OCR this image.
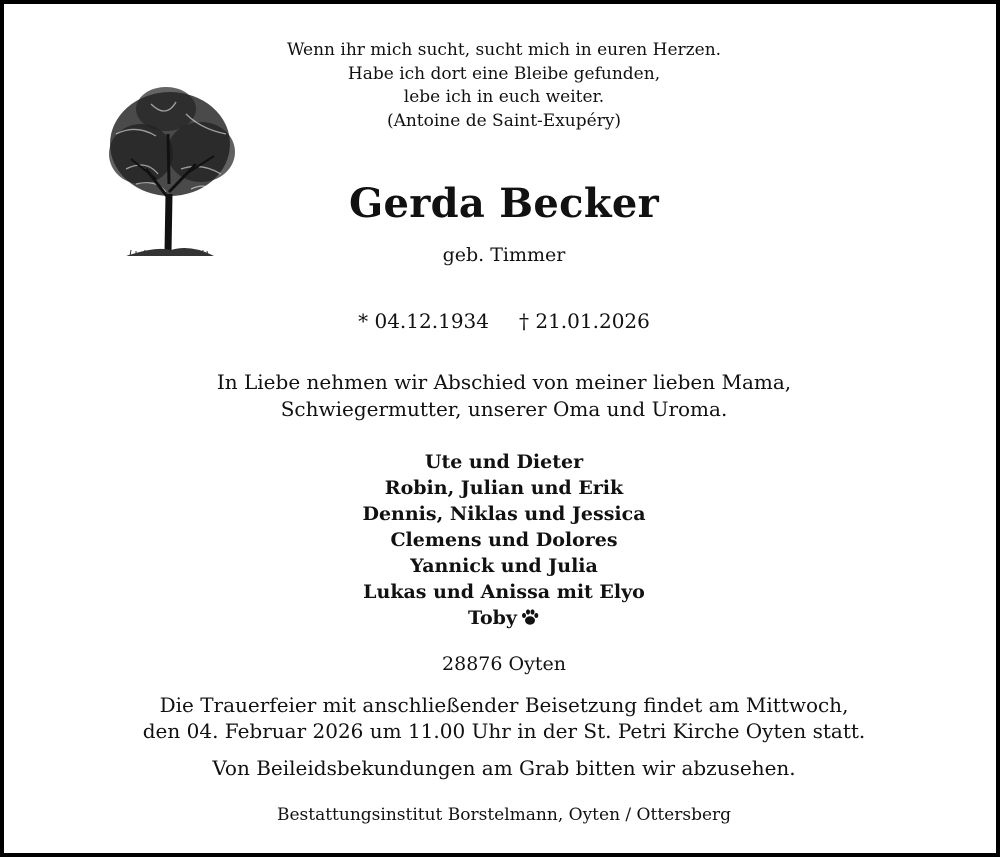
Wenn ihr mich sucht, sucht mich in euren Herzen.
Habe ich dort eine Bleibe gefunden,
lebe ich in euch weiter.
(Antoine de Saint-Exupéry)
Gerda Becker
geb. Timmer
* 04.12.1934 † 21.01.2026
In Liebe nehmen wir Abschied von meiner lieben Mama,
Schwiegermutter, unserer Oma und Uroma.
Ute und Dieter
Robin, Julian und Erik
Dennis, Niklas und Jessica
Clemens und Dolores
Yannick und Julia
Lukas und Anissa mit Elyo
Toby
28876 Oyten
Die Trauerfeier mit anschließender Beisetzung findet am Mittwoch,
den 04. Februar 2026 um 11.00 Uhr in der St. Petri Kirche Oyten statt.
Von Beileidsbekundungen am Grab bitten wir abzusehen.
Bestattungsinstitut Borstelmann, Oyten / Ottersberg
